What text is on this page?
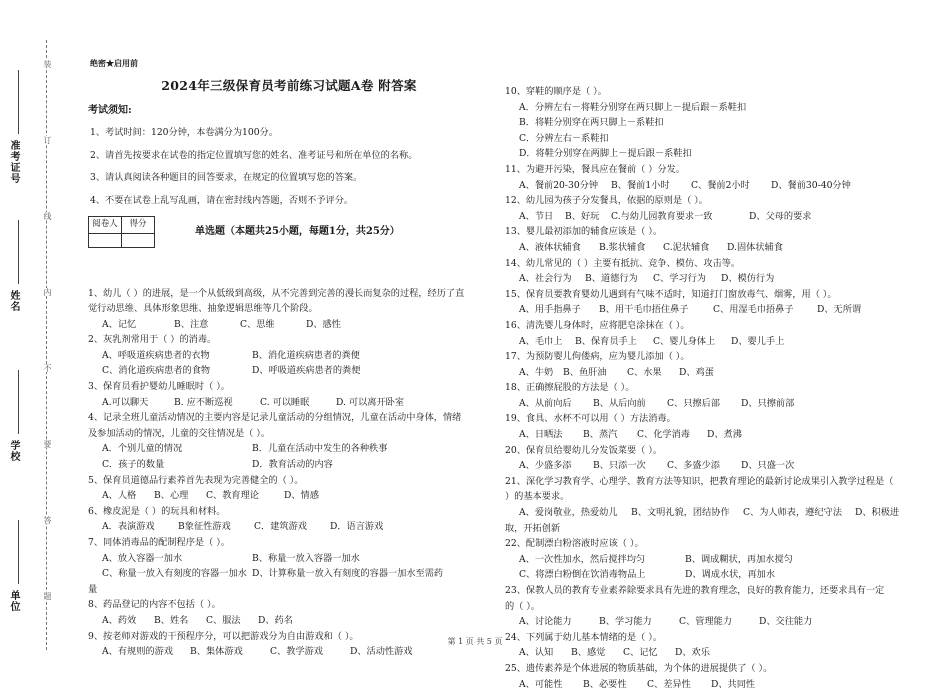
装
订
线
内
不
要
答
题
准考证号
姓名
学校
单位
绝密★启用前
2024年三级保育员考前练习试题A卷 附答案
考试须知:

1、考试时间：120分钟，本卷满分为100分。

2、请首先按要求在试卷的指定位置填写您的姓名、准考证号和所在单位的名称。

3、请认真阅读各种题目的回答要求，在规定的位置填写您的答案。

4、不要在试卷上乱写乱画，请在密封线内答题，否则不予评分。

阅卷人	得分

单选题（本题共25小题，每题1分，共25分）

1、幼儿（ ）的进展，是一个从低级到高级，从不完善到完善的漫长而复杂的过程，经历了直

觉行动思维、具体形象思维、抽象逻辑思维等几个阶段。

A、记忆	B、注意	C、思维	D、感性

2、灰乳剂常用于（ ）的消毒。

A、呼吸道疾病患者的衣物	B、消化道疾病患者的粪便
C、消化道疾病患者的食物	D、呼吸道疾病患者的粪便

3、保育员看护婴幼儿睡眠时（ ）。

A.可以聊天	B. 应不断巡视	C. 可以睡眠	D. 可以离开卧室

4、记录全班儿童活动情况的主要内容是记录儿童活动的分组情况，儿童在活动中身体，情绪

及参加活动的情况，儿童的交往情况是（ ）。

A．个别儿童的情况	B．儿童在活动中发生的各种秩事
C．孩子的数量	D．教育活动的内容

5、保育员道德品行素养首先表现为完善健全的（ ）。

A、人格 B、心理 C、教育理论	D、情感

6、橡皮泥是（ ）的玩具和材料。

A．表演游戏	B象征性游戏	C．建筑游戏	D．语言游戏

7、同体消毒品的配制程序是（ ）。

A、放入容器一加水	B、称量一放入容器一加水
C、称量一放入有刻度的容器一加水 D、计算称量一放入有刻度的容器一加水至需药

量

8、药品登记的内容不包括（ ）。

A、药效 B、姓名 C、服法 D、药名

9、按老师对游戏的干预程序分，可以把游戏分为自由游戏和（ ）。

A、有规则的游戏 B、集体游戏	C、教学游戏	D、活动性游戏

10、穿鞋的顺序是（ ）。

A．分辨左右－将鞋分别穿在两只脚上－提后跟－系鞋扣
B．将鞋分别穿在两只脚上－系鞋扣
C．分辨左右－系鞋扣
D．将鞋分别穿在两脚上－提后跟－系鞋扣

11、为避开污染，餐具应在餐前（ ）分发。

A、餐前20-30分钟 B、餐前1小时 C、餐前2小时 D、餐前30-40分钟

12、幼儿园为孩子分发餐具，依据的原则是（ ）。

A、节日 B、好玩 C.与幼儿园教育要求一致	D、父母的要求

13、婴儿最初添加的辅食应该是（ ）。

A、液体状辅食 B.浆状辅食 C.泥状辅食 D.固体状辅食

14、幼儿常见的（ ）主要有抵抗、竞争、模仿、攻击等。

A、社会行为 B、道德行为 C、学习行为 D、模仿行为

15、保育员要教育婴幼儿遇到有气味不适时，知道打门窗放毒气、烟雾，用（ ）。

A、用手指鼻子 B、用干毛巾捂住鼻子	C、用湿毛巾捂鼻子	D、无所谓

16、清洗婴儿身体时，应将肥皂涂抹在（ ）。

A、毛巾上 B、保育员手上 C、婴儿身体上 D、婴儿手上

17、为预防婴儿佝偻病，应为婴儿添加（ ）。

A、牛奶 B、鱼肝油 C、水果 D、鸡蛋

18、正确擦屁股的方法是（ ）。

A、从前向后 B、从后向前 C、只擦后部 D、只擦前部

19、食具、水杯不可以用（ ）方法消毒。

A、日晒法 B、蒸汽 C、化学消毒 D、煮沸

20、保育员给婴幼儿分发饭菜要（ ）。

A、少盛多添 B、只添一次 C、多盛少添 D、只盛一次

21、深化学习教育学、心理学、教育方法等知识，把教育理论的最新讨论成果引入教学过程是（

）的基本要求。

A、爱岗敬业，热爱幼儿 B、文明礼貌，团结协作 C、为人师表，遵纪守法 D、积极进

取，开拓创新

22、配制漂白粉溶液时应该（ ）。

A、一次性加水，然后搅拌均匀	B、调成糊状，再加水搅匀
C、将漂白粉倒在饮消毒物品上	D、调成水状，再加水

23、保教人员的教育专业素养除要求具有先进的教育理念，良好的教育能力，还要求具有一定

的（ ）。

A、讨论能力	B、学习能力	C、管理能力	D、交往能力

24、下列属于幼儿基本情绪的是（ ）。

A、认知 B、感觉 C、记忆 D、欢乐

25、遗传素养是个体进展的物质基础，为个体的进展提供了（ ）。

A、可能性 B、必要性 C、差异性 D、共同性
第 1 页 共 5 页
